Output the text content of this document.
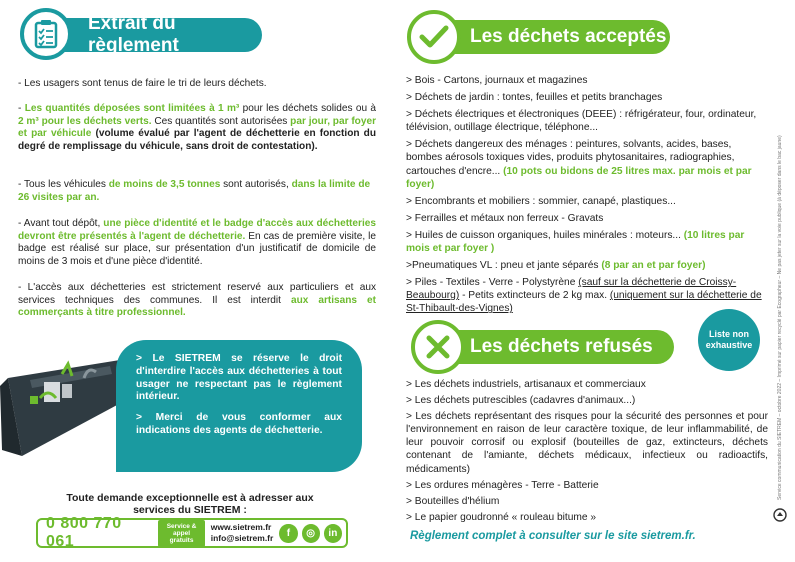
Extrait du règlement
- Les usagers sont tenus de faire le tri de leurs déchets.
- Les quantités déposées sont limitées à 1 m³ pour les déchets solides ou à 2 m³ pour les déchets verts. Ces quantités sont autorisées par jour, par foyer et par véhicule (volume évalué par l'agent de déchetterie en fonction du degré de remplissage du véhicule, sans droit de contestation).
- Tous les véhicules de moins de 3,5 tonnes sont autorisés, dans la limite de 26 visites par an.
- Avant tout dépôt, une pièce d'identité et le badge d'accès aux déchetteries devront être présentés à l'agent de déchetterie. En cas de première visite, le badge est réalisé sur place, sur présentation d'un justificatif de domicile de moins de 3 mois et d'une pièce d'identité.
- L'accès aux déchetteries est strictement reservé aux particuliers et aux services techniques des communes. Il est interdit aux artisans et commerçants à titre professionnel.

> Le SIETREM se réserve le droit d'interdire l'accès aux déchetteries à tout usager ne respectant pas le règlement intérieur.

> Merci de vous conformer aux indications des agents de déchetterie.

Toute demande exceptionnelle est à adresser aux services du SIETREM :
0 800 770 061
Service & appel gratuits
www.sietrem.fr
info@sietrem.fr	f	◎	in
Les déchets acceptés

> Bois - Cartons, journaux et magazines

> Déchets de jardin : tontes, feuilles et petits branchages

> Déchets électriques et électroniques (DEEE) : réfrigérateur, four, ordinateur, télévision, outillage électrique, téléphone...

> Déchets dangereux des ménages : peintures, solvants, acides, bases, bombes aérosols toxiques vides, produits phytosanitaires, radiographies, cartouches d'encre... (10 pots ou bidons de 25 litres max. par mois et par foyer)

> Encombrants et mobiliers : sommier, canapé, plastiques...

> Ferrailles et métaux non ferreux - Gravats

> Huiles de cuisson organiques, huiles minérales : moteurs... (10 litres par mois et par foyer )

>Pneumatiques VL : pneu et jante séparés (8 par an et par foyer)

> Piles - Textiles - Verre - Polystyrène (sauf sur la déchetterie de Croissy-Beaubourg) - Petits extincteurs de 2 kg max. (uniquement sur la déchetterie de St-Thibault-des-Vignes)

Les déchets refusés
Liste non exhaustive

> Les déchets industriels, artisanaux et commerciaux

> Les déchets putrescibles (cadavres d'animaux...)

> Les déchets représentant des risques pour la sécurité des personnes et pour l'environnement en raison de leur caractère toxique, de leur inflammabilité, de leur pouvoir corrosif ou explosif (bouteilles de gaz, extincteurs, déchets contenant de l'amiante, déchets médicaux, infectieux ou radioactifs, médicaments)

> Les ordures ménagères - Terre - Batterie

> Bouteilles d'hélium

> Le papier goudronné « rouleau bitume »

Règlement complet à consulter sur le site sietrem.fr.
Service communication du SIETREM – octobre 2022 – Imprimé sur papier recyclé par Ecographeur – Ne pas jeter sur la voie publique (à déposer dans le bac jaune)
